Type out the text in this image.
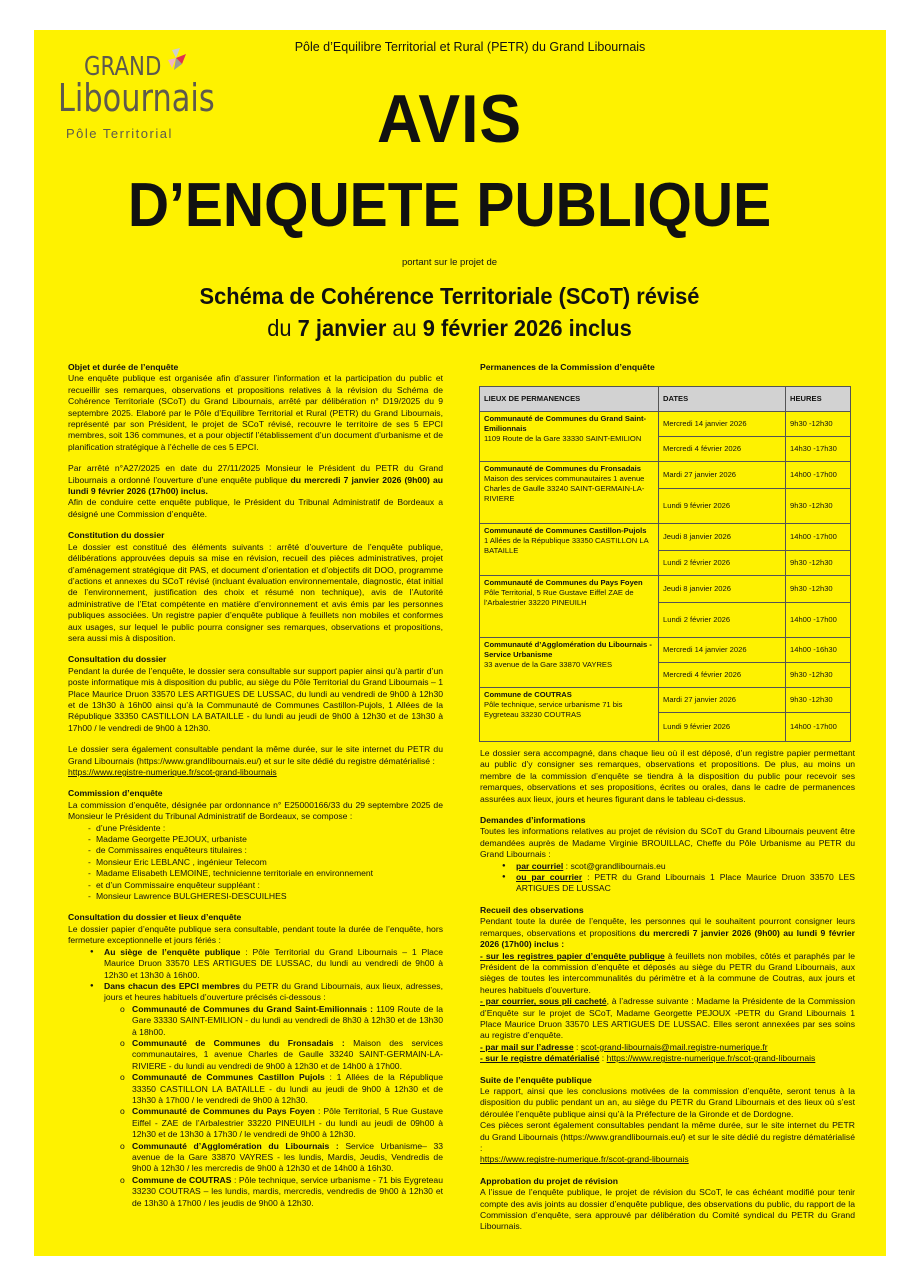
GRAND
Libournais
Pôle Territorial
Pôle d’Equilibre Territorial et Rural (PETR) du Grand Libournais
AVIS
D’ENQUETE PUBLIQUE
portant sur le projet de
Schéma de Cohérence Territoriale (SCoT) révisé
du 7 janvier au 9 février 2026 inclus

Objet et durée de l’enquête

Une enquête publique est organisée afin d’assurer l’information et la participation du public et recueillir ses remarques, observations et propositions relatives à la révision du Schéma de Cohérence Territoriale (SCoT) du Grand Libournais, arrêté par délibération n° D19/2025 du 9 septembre 2025. Elaboré par le Pôle d’Equilibre Territorial et Rural (PETR) du Grand Libournais, représenté par son Président, le projet de SCoT révisé, recouvre le territoire de ses 5 EPCI membres, soit 136 communes, et a pour objectif l’établissement d’un document d’urbanisme et de planification stratégique à l’échelle de ces 5 EPCI.

Par arrêté n°A27/2025 en date du 27/11/2025 Monsieur le Président du PETR du Grand Libournais a ordonné l’ouverture d’une enquête publique du mercredi 7 janvier 2026 (9h00) au lundi 9 février 2026 (17h00) inclus.

Afin de conduire cette enquête publique, le Président du Tribunal Administratif de Bordeaux a désigné une Commission d’enquête.

Constitution du dossier

Le dossier est constitué des éléments suivants : arrêté d’ouverture de l’enquête publique, délibérations approuvées depuis sa mise en révision, recueil des pièces administratives, projet d’aménagement stratégique dit PAS, et document d’orientation et d’objectifs dit DOO, programme d’actions et annexes du SCoT révisé (incluant évaluation environnementale, diagnostic, état initial de l’environnement, justification des choix et résumé non technique), avis de l’Autorité administrative de l’Etat compétente en matière d’environnement et avis émis par les personnes publiques associées. Un registre papier d’enquête publique à feuillets non mobiles et conformes aux usages, sur lequel le public pourra consigner ses remarques, observations et propositions, sera aussi mis à disposition.

Consultation du dossier

Pendant la durée de l’enquête, le dossier sera consultable sur support papier ainsi qu’à partir d’un poste informatique mis à disposition du public, au siège du Pôle Territorial du Grand Libournais – 1 Place Maurice Druon 33570 LES ARTIGUES DE LUSSAC, du lundi au vendredi de 9h00 à 12h30 et de 13h30 à 16h00 ainsi qu’à la Communauté de Communes Castillon-Pujols, 1 Allées de la République 33350 CASTILLON LA BATAILLE - du lundi au jeudi de 9h00 à 12h30 et de 13h30 à 17h00 / le vendredi de 9h00 à 12h30.

Le dossier sera également consultable pendant la même durée, sur le site internet du PETR du Grand Libournais (https://www.grandlibournais.eu/) et sur le site dédié du registre dématérialisé :

https://www.registre-numerique.fr/scot-grand-libournais

Commission d’enquête

La commission d’enquête, désignée par ordonnance n° E25000166/33 du 29 septembre 2025 de Monsieur le Président du Tribunal Administratif de Bordeaux, se compose :

- d’une Présidente :
- Madame Georgette PEJOUX, urbaniste
- de Commissaires enquêteurs titulaires :
- Monsieur Eric LEBLANC , ingénieur Telecom
- Madame Elisabeth LEMOINE, technicienne territoriale en environnement
- et d’un Commissaire enquêteur suppléant :
- Monsieur Lawrence BULGHERESI-DESCUILHES

Consultation du dossier et lieux d’enquête

Le dossier papier d’enquête publique sera consultable, pendant toute la durée de l’enquête, hors fermeture exceptionnelle et jours fériés :

● Au siège de l’enquête publique : Pôle Territorial du Grand Libournais – 1 Place Maurice Druon 33570 LES ARTIGUES DE LUSSAC, du lundi au vendredi de 9h00 à 12h30 et 13h30 à 16h00.
● Dans chacun des EPCI membres du PETR du Grand Libournais, aux lieux, adresses, jours et heures habituels d’ouverture précisés ci-dessous :
o Communauté de Communes du Grand Saint-Emilionnais : 1109 Route de la Gare 33330 SAINT-EMILION - du lundi au vendredi de 8h30 à 12h30 et de 13h30 à 18h00.
o Communauté de Communes du Fronsadais : Maison des services communautaires, 1 avenue Charles de Gaulle 33240 SAINT-GERMAIN-LA-RIVIERE - du lundi au vendredi de 9h00 à 12h30 et de 14h00 à 17h00.
o Communauté de Communes Castillon Pujols : 1 Allées de la République 33350 CASTILLON LA BATAILLE - du lundi au jeudi de 9h00 à 12h30 et de 13h30 à 17h00 / le vendredi de 9h00 à 12h30.
o Communauté de Communes du Pays Foyen : Pôle Territorial, 5 Rue Gustave Eiffel - ZAE de l’Arbalestrier 33220 PINEUILH - du lundi au jeudi de 09h00 à 12h30 et de 13h30 à 17h30 / le vendredi de 9h00 à 12h30.
o Communauté d’Agglomération du Libournais : Service Urbanisme– 33 avenue de la Gare 33870 VAYRES - les lundis, Mardis, Jeudis, Vendredis de 9h00 à 12h30 / les mercredis de 9h00 à 12h30 et de 14h00 à 16h30.
o Commune de COUTRAS : Pôle technique, service urbanisme - 71 bis Eygreteau 33230 COUTRAS – les lundis, mardis, mercredis, vendredis de 9h00 à 12h30 et de 13h30 à 17h00 / les jeudis de 9h00 à 12h30.

Permanences de la Commission d’enquête

LIEUX DE PERMANENCES	DATES	HEURES
Communauté de Communes du Grand Saint-Emilionnais
1109 Route de la Gare 33330 SAINT-EMILION	Mercredi 14 janvier 2026	9h30 -12h30
	Mercredi 4 février 2026	14h30 -17h30
Communauté de Communes du Fronsadais
Maison des services communautaires 1 avenue Charles de Gaulle 33240 SAINT-GERMAIN-LA-RIVIERE	Mardi 27 janvier 2026	14h00 -17h00
	Lundi 9 février 2026	9h30 -12h30
Communauté de Communes Castillon-Pujols
1 Allées de la République 33350 CASTILLON LA BATAILLE	Jeudi 8 janvier 2026	14h00 -17h00
	Lundi 2 février 2026	9h30 -12h30
Communauté de Communes du Pays Foyen
Pôle Territorial, 5 Rue Gustave Eiffel ZAE de l’Arbalestrier 33220 PINEUILH	Jeudi 8 janvier 2026	9h30 -12h30
	Lundi 2 février 2026	14h00 -17h00
Communauté d’Agglomération du Libournais - Service Urbanisme
33 avenue de la Gare 33870 VAYRES	Mercredi 14 janvier 2026	14h00 -16h30
	Mercredi 4 février 2026	9h30 -12h30
Commune de COUTRAS
Pôle technique, service urbanisme 71 bis Eygreteau 33230 COUTRAS	Mardi 27 janvier 2026	9h30 -12h30
	Lundi 9 février 2026	14h00 -17h00

Le dossier sera accompagné, dans chaque lieu où il est déposé, d’un registre papier permettant au public d’y consigner ses remarques, observations et propositions. De plus, au moins un membre de la commission d’enquête se tiendra à la disposition du public pour recevoir ses remarques, observations et ses propositions, écrites ou orales, dans le cadre de permanences assurées aux lieux, jours et heures figurant dans le tableau ci-dessus.

Demandes d’informations

Toutes les informations relatives au projet de révision du SCoT du Grand Libournais peuvent être demandées auprès de Madame Virginie BROUILLAC, Cheffe du Pôle Urbanisme au PETR du Grand Libournais :

● par courriel : scot@grandlibournais.eu
● ou par courrier : PETR du Grand Libournais 1 Place Maurice Druon 33570 LES ARTIGUES DE LUSSAC

Recueil des observations

Pendant toute la durée de l’enquête, les personnes qui le souhaitent pourront consigner leurs remarques, observations et propositions du mercredi 7 janvier 2026 (9h00) au lundi 9 février 2026 (17h00) inclus :

- sur les registres papier d’enquête publique à feuillets non mobiles, côtés et paraphés par le Président de la commission d’enquête et déposés au siège du PETR du Grand Libournais, aux sièges de toutes les intercommunalités du périmètre et à la commune de Coutras, aux jours et heures habituels d’ouverture.

- par courrier, sous pli cacheté, à l’adresse suivante : Madame la Présidente de la Commission d’Enquête sur le projet de SCoT, Madame Georgette PEJOUX -PETR du Grand Libournais 1 Place Maurice Druon 33570 LES ARTIGUES DE LUSSAC. Elles seront annexées par ses soins au registre d’enquête.

- par mail sur l’adresse : scot-grand-libournais@mail.registre-numerique.fr

- sur le registre dématérialisé : https://www.registre-numerique.fr/scot-grand-libournais

Suite de l’enquête publique

Le rapport, ainsi que les conclusions motivées de la commission d’enquête, seront tenus à la disposition du public pendant un an, au siège du PETR du Grand Libournais et des lieux où s’est déroulée l’enquête publique ainsi qu’à la Préfecture de la Gironde et de Dordogne.

Ces pièces seront également consultables pendant la même durée, sur le site internet du PETR du Grand Libournais (https://www.grandlibournais.eu/) et sur le site dédié du registre dématérialisé :

https://www.registre-numerique.fr/scot-grand-libournais

Approbation du projet de révision

A l’issue de l’enquête publique, le projet de révision du SCoT, le cas échéant modifié pour tenir compte des avis joints au dossier d’enquête publique, des observations du public, du rapport de la Commission d’enquête, sera approuvé par délibération du Comité syndical du PETR du Grand Libournais.
